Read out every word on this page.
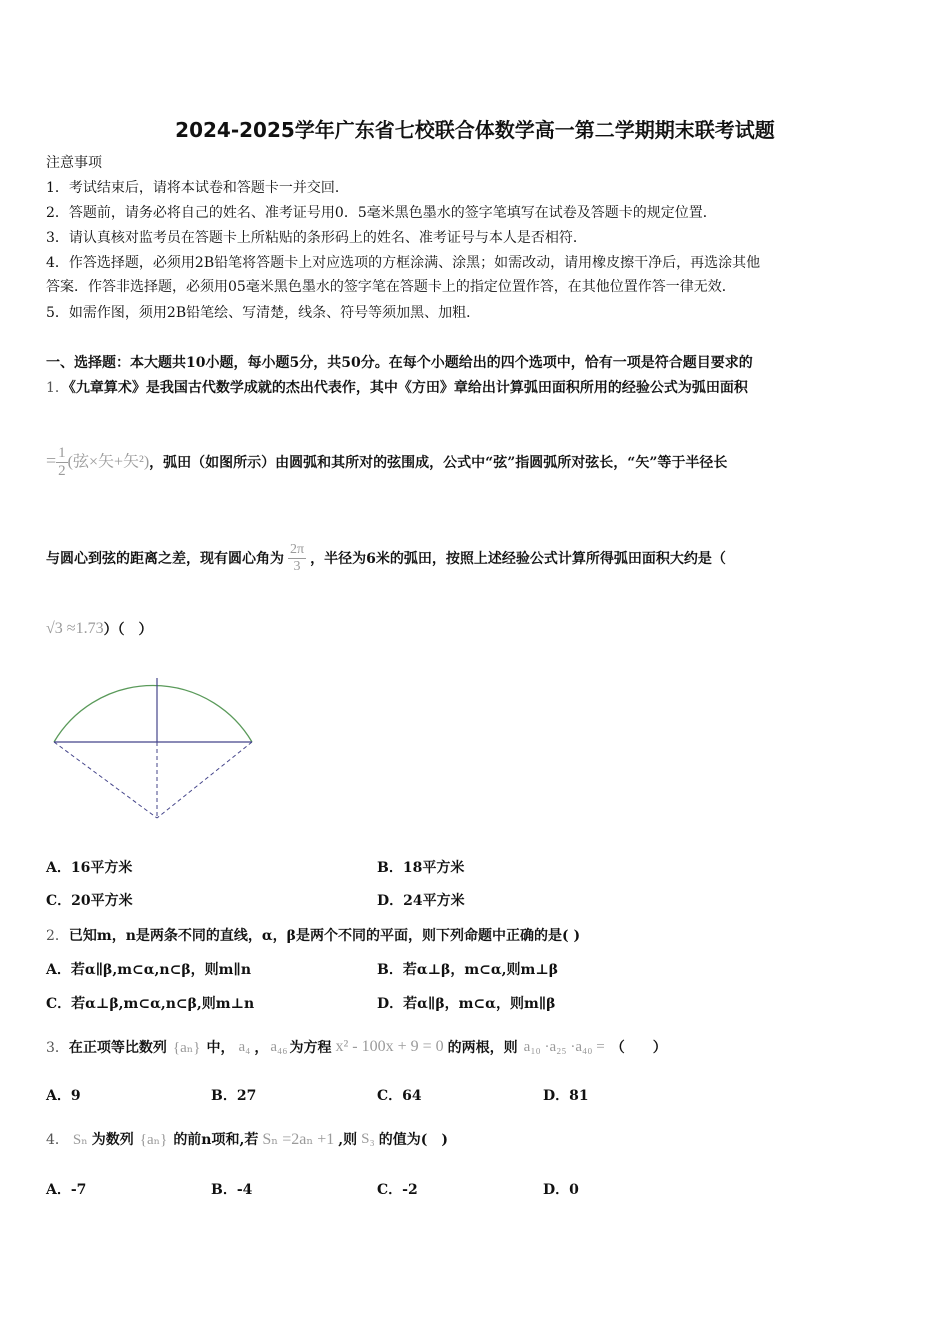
2024-2025学年广东省七校联合体数学高一第二学期期末联考试题
注意事项
1．考试结束后，请将本试卷和答题卡一并交回．
2．答题前，请务必将自己的姓名、准考证号用0．5毫米黑色墨水的签字笔填写在试卷及答题卡的规定位置．
3．请认真核对监考员在答题卡上所粘贴的条形码上的姓名、准考证号与本人是否相符．
4．作答选择题，必须用2B铅笔将答题卡上对应选项的方框涂满、涂黑；如需改动，请用橡皮擦干净后，再选涂其他
答案．作答非选择题，必须用05毫米黑色墨水的签字笔在答题卡上的指定位置作答，在其他位置作答一律无效．
5．如需作图，须用2B铅笔绘、写清楚，线条、符号等须加黑、加粗．
一、选择题：本大题共10小题，每小题5分，共50分。在每个小题给出的四个选项中，恰有一项是符合题目要求的
1．《九章算术》是我国古代数学成就的杰出代表作，其中《方田》章给出计算弧田面积所用的经验公式为弧田面积
= $\frac{1}{2}$ (弦×矢+矢²) ，弧田（如图所示）由圆弧和其所对的弦围成，公式中“弦”指圆弧所对弦长，“矢”等于半径长
与圆心到弦的距离之差，现有圆心角为 $\frac{2\pi}{3}$ ，半径为6米的弧田，按照上述经验公式计算所得弧田面积大约是（
√3 ≈1.73 ）（　）
A．16平方米	B．18平方米
C．20平方米	D．24平方米
2．已知m，n是两条不同的直线，α，β是两个不同的平面，则下列命题中正确的是( )
A．若α∥β,m⊂α,n⊂β，则m∥n	B．若α⊥β，m⊂α,则m⊥β
C．若α⊥β,m⊂α,n⊂β,则m⊥n	D．若α∥β，m⊂α，则m∥β
3． 在正项等比数列 {aₙ} 中， a₄ ， a₄₆ 为方程 x² - 100x + 9 = 0 的两根，则 a₁₀ ·a₂₅ ·a₄₀ = （　　）
A．9	B．27	C．64	D．81
4． Sₙ 为数列 {aₙ} 的前n项和,若 Sₙ =2aₙ +1 ,则 S₃ 的值为(　)
A．-7	B．-4	C．-2	D．0
